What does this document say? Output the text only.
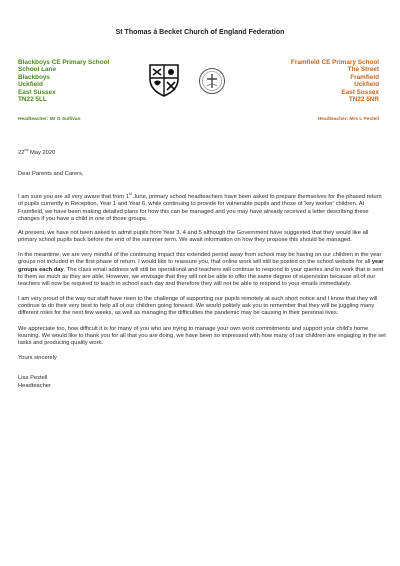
St Thomas á Becket Church of England Federation
Blackboys CE Primary School
School Lane
Blackboys
Uckfield
East Sussex
TN22 5LL
Framfield CE Primary School
The Street
Framfield
Uckfield
East Sussex
TN22 5NR
Headteacher: Mr G Sullivan	Headteacher: Mrs L Pestell

22nd May 2020

Dear Parents and Carers,

I am sure you are all very aware that from 1st June, primary school headteachers have been asked to prepare themselves for the phased return of pupils currently in Reception, Year 1 and Year 6, while continuing to provide for vulnerable pupils and those of 'key worker' children. At Framfield, we have been making detailed plans for how this can be managed and you may have already received a letter describing these changes if you have a child in one of those groups.

At present, we have not been asked to admit pupils from Year 3, 4 and 5 although the Government have suggested that they would like all primary school pupils back before the end of the summer term. We await information on how they propose this should be managed.

In the meantime, we are very mindful of the continuing impact this extended period away from school may be having on our children in the year groups not included in the first phase of return. I would like to reassure you, that online work will still be posted on the school website for all year groups each day. The class email address will still be operational and teachers will continue to respond to your queries and to work that is sent to them as much as they are able. However, we envisage that they will not be able to offer the same degree of supervision because all of our teachers will now be required to teach in school each day and therefore they will not be able to respond to your emails immediately.

I am very proud of the way our staff have risen to the challenge of supporting our pupils remotely at such short notice and I know that they will continue to do their very best to help all of our children going forward. We would politely ask you to remember that they will be juggling many different roles for the next few weeks, as well as managing the difficulties the pandemic may be causing in their personal lives.

We appreciate too, how difficult it is for many of you who are trying to manage your own work commitments and support your child's home learning. We would like to thank you for all that you are doing, we have been so impressed with how many of our children are engaging in the set tasks and producing quality work.

Yours sincerely

Lisa Pestell
Headteacher
